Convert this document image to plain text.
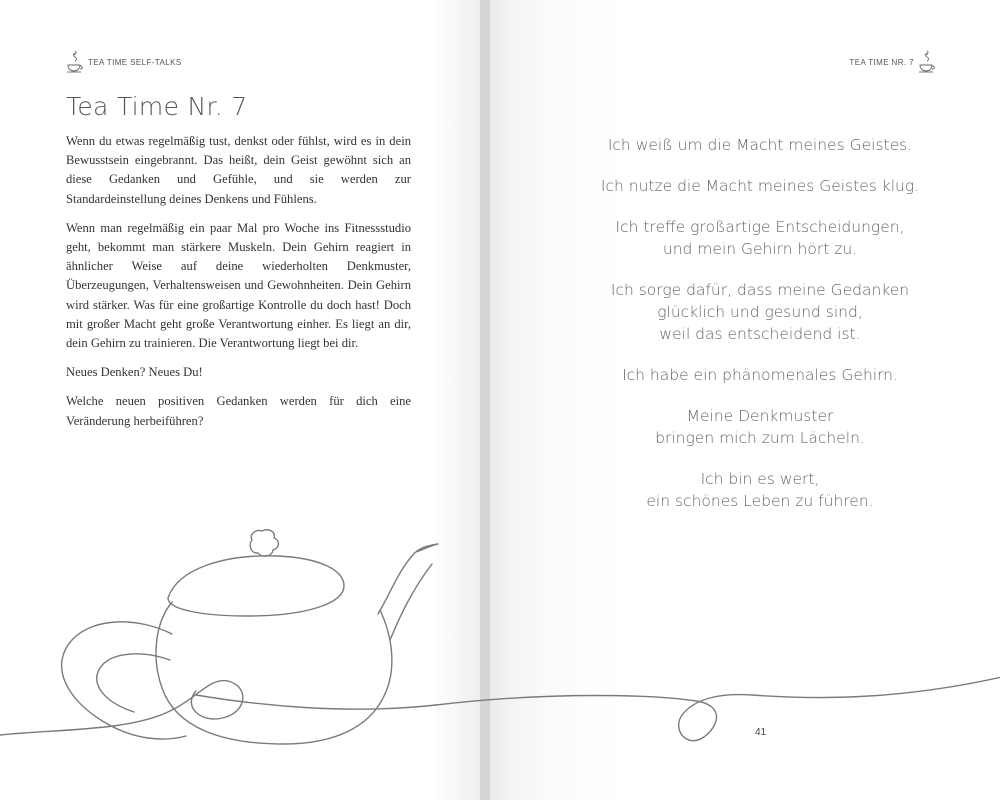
TEA TIME SELF-TALKS	TEA TIME NR. 7
Tea Time Nr. 7

Wenn du etwas regelmäßig tust, denkst oder fühlst, wird es in dein Bewusstsein eingebrannt. Das heißt, dein Geist gewöhnt sich an diese Gedanken und Gefühle, und sie werden zur Standardeinstellung deines Denkens und Fühlens.

Wenn man regelmäßig ein paar Mal pro Woche ins Fitnessstudio geht, bekommt man stärkere Muskeln. Dein Gehirn reagiert in ähnlicher Weise auf deine wiederholten Denkmuster, Überzeugungen, Verhaltensweisen und Gewohnheiten. Dein Gehirn wird stärker. Was für eine großartige Kontrolle du doch hast! Doch mit großer Macht geht große Verantwortung einher. Es liegt an dir, dein Gehirn zu trainieren. Die Verantwortung liegt bei dir.

Neues Denken? Neues Du!

Welche neuen positiven Gedanken werden für dich eine Veränderung herbeiführen?

Ich weiß um die Macht meines Geistes.
Ich nutze die Macht meines Geistes klug.
Ich treffe großartige Entscheidungen,
und mein Gehirn hört zu.
Ich sorge dafür, dass meine Gedanken
glücklich und gesund sind,
weil das entscheidend ist.
Ich habe ein phänomenales Gehirn.
Meine Denkmuster
bringen mich zum Lächeln.
Ich bin es wert,
ein schönes Leben zu führen.
41
